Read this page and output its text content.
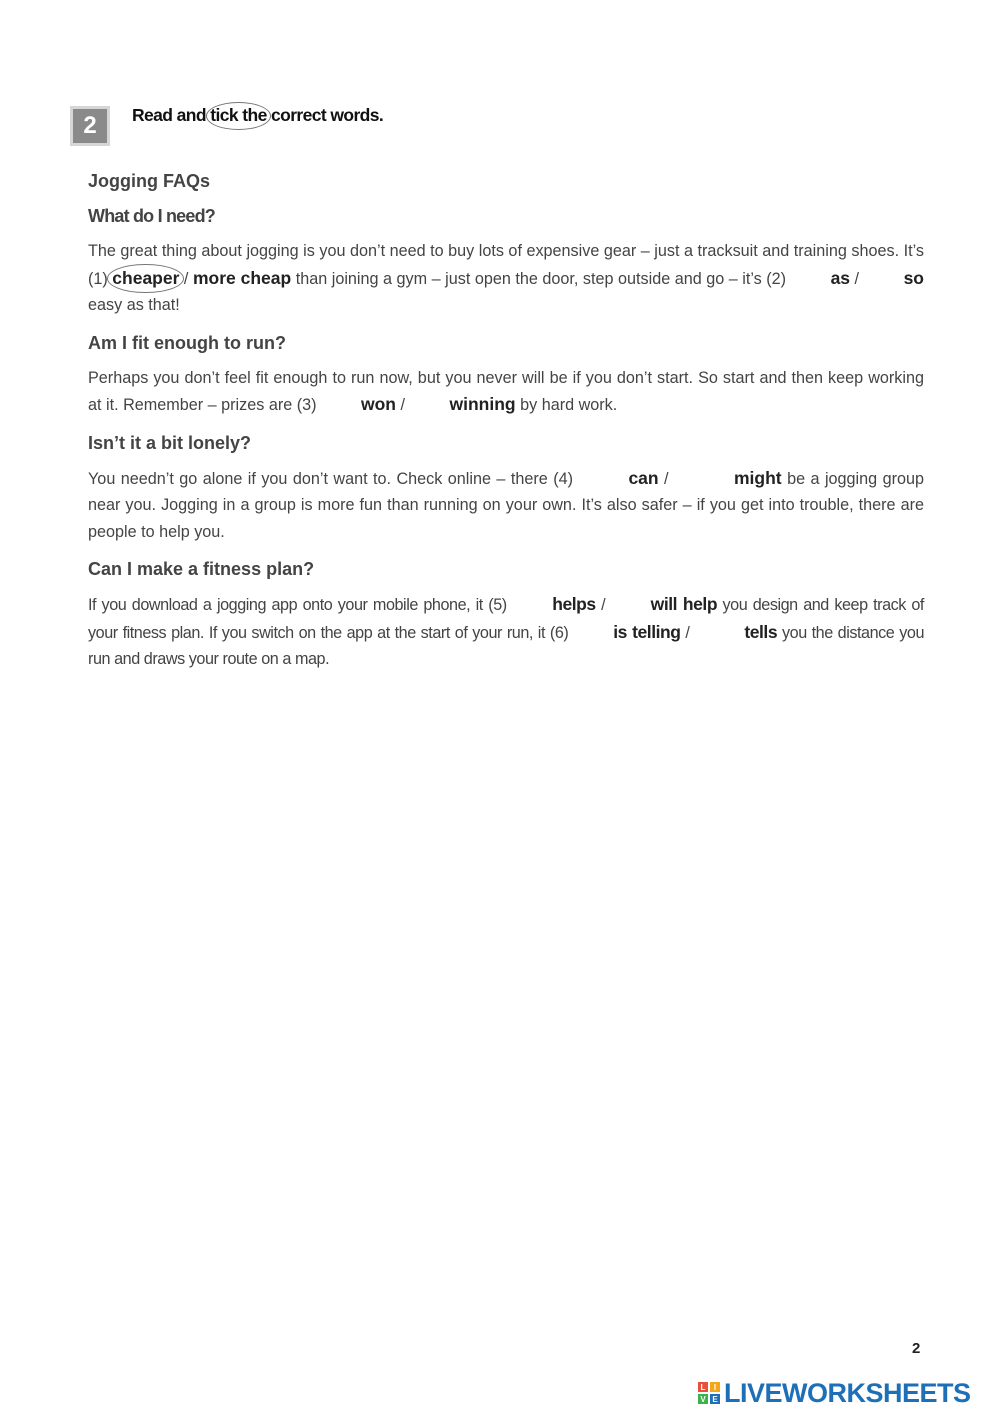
2	Read and tick the correct words.
Jogging FAQs
What do I need?

The great thing about jogging is you don’t need to buy lots of expensive gear – just a tracksuit and training shoes. It’s (1) cheaper / more cheap than joining a gym – just open the door, step outside and go – it’s (2) as / so easy as that!

Am I fit enough to run?

Perhaps you don’t feel fit enough to run now, but you never will be if you don’t start. So start and then keep working at it. Remember – prizes are (3) won / winning by hard work.

Isn’t it a bit lonely?

You needn’t go alone if you don’t want to. Check online – there (4)	can /	might be a jogging group near you. Jogging in a group is more fun than running on your own. It’s also safer – if you get into trouble, there are people to help you.

Can I make a fitness plan?

If you download a jogging app onto your mobile phone, it (5) helps / will help you design and keep track of your fitness plan. If you switch on the app at the start of your run, it (6) is telling /	tells you the distance you run and draws your route on a map.

2
L	I
V E LIVEWORKSHEETS
